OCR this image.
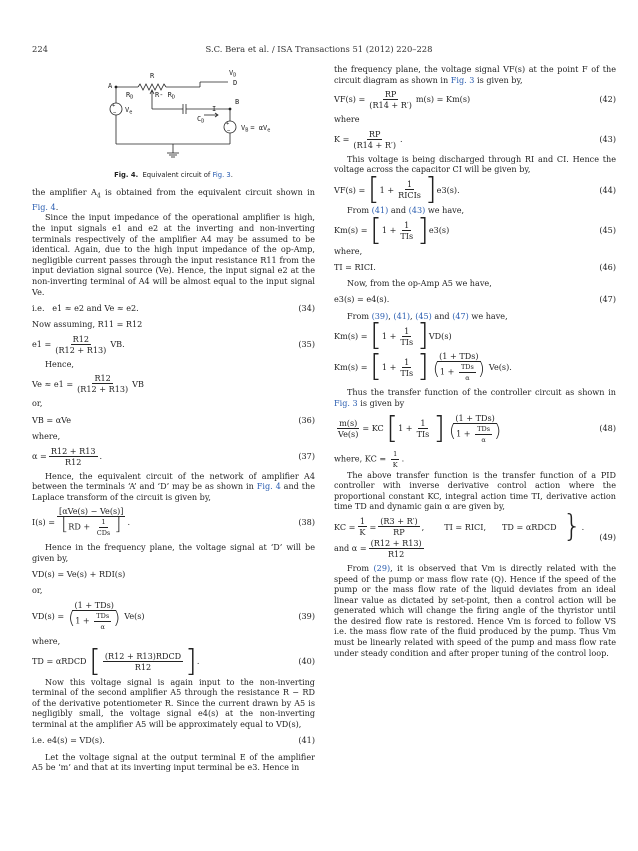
224	S.C. Bera et al. / ISA Transactions 51 (2012) 220–228
R	$V_D$
D
$R_D$	R- $R_D$
A
+
− $V_e$
$C_D$
I
B
+
− $V_B = \alpha V_e$
Fig. 4. Equivalent circuit of Fig. 3.

the amplifier $A_4$ is obtained from the equivalent circuit shown in Fig. 4.

Since the input impedance of the operational amplifier is high, the input signals e1 and e2 at the inverting and non-inverting terminals respectively of the amplifier A4 may be assumed to be identical. Again, due to the high input impedance of the op-Amp, negligible current passes through the input resistance R11 from the input deviation signal source (Ve). Hence, the input signal e2 at the non-inverting terminal of A4 will be almost equal to the input signal Ve.

i.e.
e1 ≈ e2 and Ve ≈ e2.	(34)

Now assuming, R11 = R12

$e1 = \frac{R12}{(R12 + R13)}$ VB.	(35)

Hence,

$Ve \approx e1 = \frac{R12}{(R12 + R13)}$ VB

or,

VB = αVe	(36)

where,

$\alpha = \frac{R12 + R13}{R12}$ .	(37)

Hence, the equivalent circuit of the network of amplifier A4 between the terminals ‘A’ and ‘D’ may be as shown in Fig. 4 and the Laplace transform of the circuit is given by,

$I(s) = \frac{\text{[αVe(s) − Ve(s)]}}{[RD + \frac{1}{\text{CDs}} ]}$ .	(38)

Hence in the frequency plane, the voltage signal at ‘D’ will be given by,

VD(s) = Ve(s) + RDI(s)

or,

$VD(s) = \frac{\text{(1 + TDs)}}{(1 + \frac{\text{TDs}}{\alpha} )} Ve(s)$	(39)

where,

TD = αRDCD
[ $\frac{\text{(R12 + R13)RDCD}}{R12}$ ] .	(40)

Now this voltage signal is again input to the non-inverting terminal of the second amplifier A5 through the resistance R − RD of the derivative potentiometer R. Since the current drawn by A5 is negligibly small, the voltage signal e4(s) at the non-inverting terminal at the amplifier A5 will be approximately equal to VD(s),

i.e. e4(s) = VD(s).	(41)

Let the voltage signal at the output terminal E of the amplifier A5 be ‘m’ and that at its inverting input terminal be e3. Hence in

the frequency plane, the voltage signal VF(s) at the point F of the circuit diagram as shown in Fig. 3 is given by,

$VF(s) = \frac{RP}{(R14 + R')} m(s) = Km(s)$	(42)

where

$K = \frac{RP}{(R14 + R')}$ .	(43)

This voltage is being discharged through RI and CI. Hence the voltage across the capacitor CI will be given by,

VF(s) =
[ $1 + \frac{1}{\text{RICIs}}$ ] e3(s).	(44)

From (41) and (43) we have,

Km(s) =
[ $1 + \frac{1}{\text{TIs}}$ ] e3(s)	(45)

where,

TI = RICI.	(46)

Now, from the op-Amp A5 we have,

e3(s) = e4(s).	(47)

From (39), (41), (45) and (47) we have,

Km(s) =
[ $1 + \frac{1}{\text{TIs}}$ ] VD(s)
Km(s) =
[ $1 + \frac{1}{\text{TIs}}$ ] $\frac{\text{(1 + TDs)}}{(1 + \frac{\text{TDs}}{\alpha} )} Ve(s)$.

Thus the transfer function of the controller circuit as shown in Fig. 3 is given by

$\frac{m(s)}{Ve(s)}$ = KC
[ $1 + \frac{1}{\text{TIs}}$ ] $\frac{\text{(1 + TDs)}}{(1 + \frac{\text{TDs}}{\alpha} )}$	(48)

where, KC = $\frac{1}{K}$ .

The above transfer function is the transfer function of a PID controller with inverse derivative control action where the proportional constant KC, integral action time TI, derivative action time TD and dynamic gain α are given by,

KC = $\frac{1}{K} = \frac{(R3 + R')}{RP}$ , TI = RICI, TD = αRDCD } .
and $\alpha = \frac{(R12 + R13)}{R12}$
(49)

From (29), it is observed that Vm is directly related with the speed of the pump or mass flow rate (Q). Hence if the speed of the pump or the mass flow rate of the liquid deviates from an ideal linear value as dictated by set-point, then a control action will be generated which will change the firing angle of the thyristor until the desired flow rate is restored. Hence Vm is forced to follow VS i.e. the mass flow rate of the fluid produced by the pump. Thus Vm must be linearly related with speed of the pump and mass flow rate under steady condition and after proper tuning of the control loop.
